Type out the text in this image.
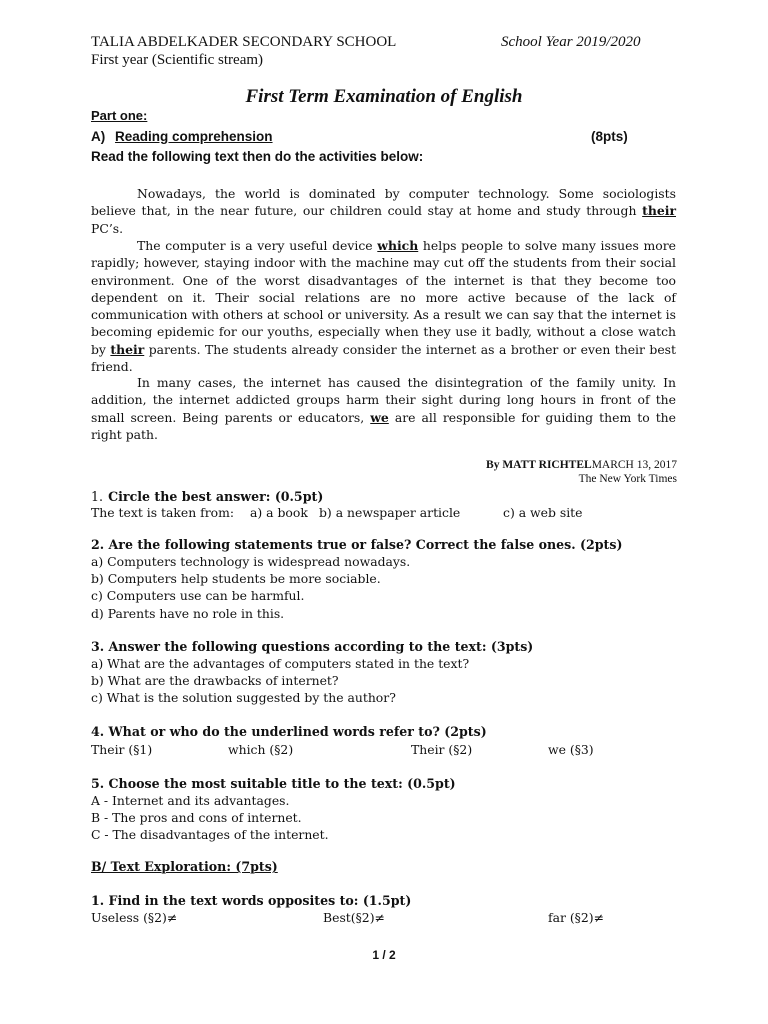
TALIA ABDELKADER SECONDARY SCHOOL	School Year 2019/2020
First year (Scientific stream)
First Term Examination of English
Part one:
A) Reading comprehension	(8pts)
Read the following text then do the activities below:
Nowadays, the world is dominated by computer technology. Some sociologists believe that, in the near future, our children could stay at home and study through their PC’s.
The computer is a very useful device which helps people to solve many issues more rapidly; however, staying indoor with the machine may cut off the students from their social environment. One of the worst disadvantages of the internet is that they become too dependent on it. Their social relations are no more active because of the lack of communication with others at school or university. As a result we can say that the internet is becoming epidemic for our youths, especially when they use it badly, without a close watch by their parents. The students already consider the internet as a brother or even their best friend.
In many cases, the internet has caused the disintegration of the family unity. In addition, the internet addicted groups harm their sight during long hours in front of the small screen. Being parents or educators, we are all responsible for guiding them to the right path.
By MATT RICHTELMARCH 13, 2017
The New York Times
1. Circle the best answer: (0.5pt)
The text is taken from: a) a book b) a newspaper article	c) a web site
2. Are the following statements true or false? Correct the false ones. (2pts)
a) Computers technology is widespread nowadays.
b) Computers help students be more sociable.
c) Computers use can be harmful.
d) Parents have no role in this.
3. Answer the following questions according to the text: (3pts)
a) What are the advantages of computers stated in the text?
b) What are the drawbacks of internet?
c) What is the solution suggested by the author?
4. What or who do the underlined words refer to? (2pts)
Their (§1)	which (§2)	Their (§2)	we (§3)
5. Choose the most suitable title to the text: (0.5pt)
A - Internet and its advantages.
B - The pros and cons of internet.
C - The disadvantages of the internet.
B/ Text Exploration: (7pts)
1. Find in the text words opposites to: (1.5pt)
Useless (§2)≠	Best(§2)≠	far (§2)≠
1 / 2
